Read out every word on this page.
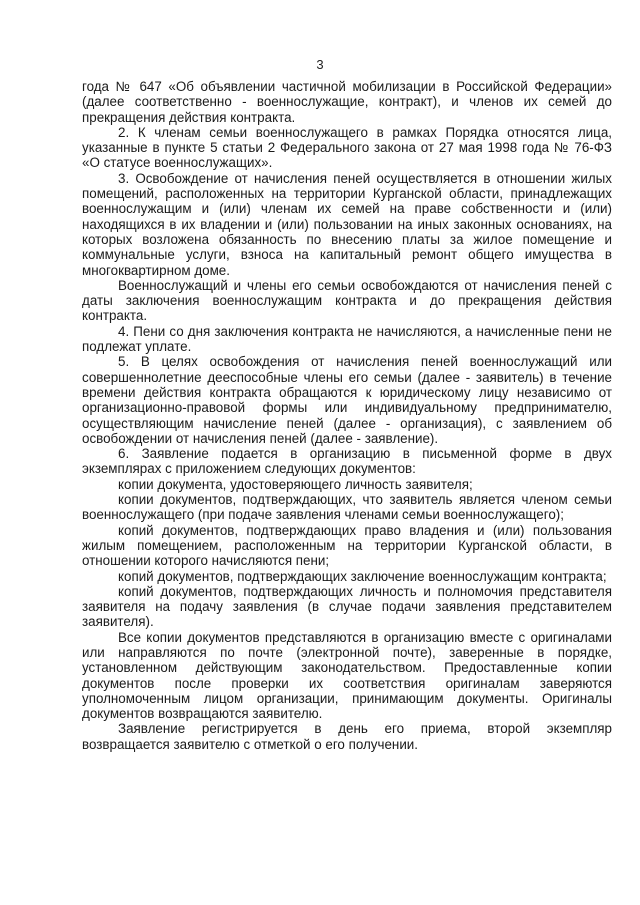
3

года № 647 «Об объявлении частичной мобилизации в Российской Федерации» (далее соответственно - военнослужащие, контракт), и членов их семей до прекращения действия контракта.

2. К членам семьи военнослужащего в рамках Порядка относятся лица, указанные в пункте 5 статьи 2 Федерального закона от 27 мая 1998 года № 76-ФЗ «О статусе военнослужащих».

3. Освобождение от начисления пеней осуществляется в отношении жилых помещений, расположенных на территории Курганской области, принадлежащих военнослужащим и (или) членам их семей на праве собственности и (или) находящихся в их владении и (или) пользовании на иных законных основаниях, на которых возложена обязанность по внесению платы за жилое помещение и коммунальные услуги, взноса на капитальный ремонт общего имущества в многоквартирном доме.

Военнослужащий и члены его семьи освобождаются от начисления пеней с даты заключения военнослужащим контракта и до прекращения действия контракта.

4. Пени со дня заключения контракта не начисляются, а начисленные пени не подлежат уплате.

5. В целях освобождения от начисления пеней военнослужащий или совершеннолетние дееспособные члены его семьи (далее - заявитель) в течение времени действия контракта обращаются к юридическому лицу независимо от организационно-правовой формы или индивидуальному предпринимателю, осуществляющим начисление пеней (далее - организация), с заявлением об освобождении от начисления пеней (далее - заявление).

6. Заявление подается в организацию в письменной форме в двух экземплярах с приложением следующих документов:

копии документа, удостоверяющего личность заявителя;

копии документов, подтверждающих, что заявитель является членом семьи военнослужащего (при подаче заявления членами семьи военнослужащего);

копий документов, подтверждающих право владения и (или) пользования жилым помещением, расположенным на территории Курганской области, в отношении которого начисляются пени;

копий документов, подтверждающих заключение военнослужащим контракта;

копий документов, подтверждающих личность и полномочия представителя заявителя на подачу заявления (в случае подачи заявления представителем заявителя).

Все копии документов представляются в организацию вместе с оригиналами или направляются по почте (электронной почте), заверенные в порядке, установленном действующим законодательством. Предоставленные копии документов после проверки их соответствия оригиналам заверяются уполномоченным лицом организации, принимающим документы. Оригиналы документов возвращаются заявителю.

Заявление регистрируется в день его приема, второй экземпляр возвращается заявителю с отметкой о его получении.
